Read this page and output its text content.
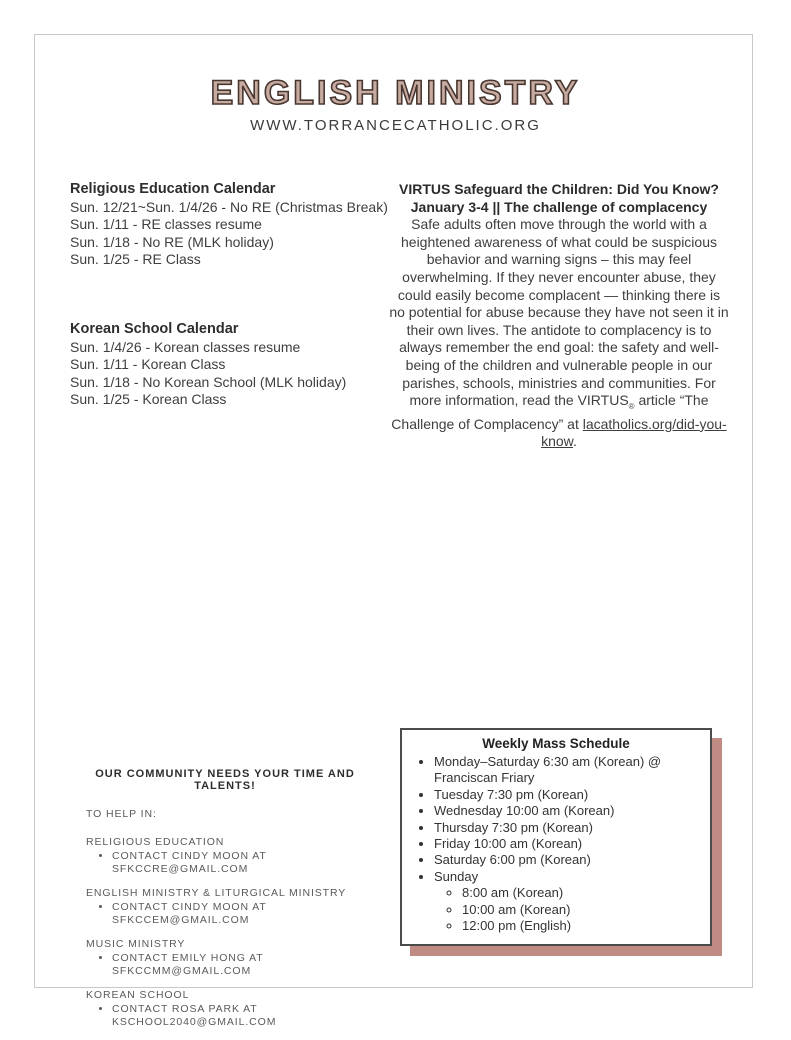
ENGLISH MINISTRY
WWW.TORRANCECATHOLIC.ORG
Religious Education Calendar
Sun. 12/21~Sun. 1/4/26 - No RE (Christmas Break)
Sun. 1/11 - RE classes resume
Sun. 1/18 - No RE (MLK holiday)
Sun. 1/25 - RE Class
Korean School Calendar
Sun. 1/4/26 - Korean classes resume
Sun. 1/11 - Korean Class
Sun. 1/18 - No Korean School (MLK holiday)
Sun. 1/25 - Korean Class
VIRTUS Safeguard the Children: Did You Know?
January 3-4 || The challenge of complacency
Safe adults often move through the world with a heightened awareness of what could be suspicious behavior and warning signs – this may feel overwhelming. If they never encounter abuse, they could easily become complacent — thinking there is no potential for abuse because they have not seen it in their own lives. The antidote to complacency is to always remember the end goal: the safety and well-being of the children and vulnerable people in our parishes, schools, ministries and communities. For more information, read the $VIRTUS_®$ article “The Challenge of Complacency” at lacatholics.org/did-you-know.
OUR COMMUNITY NEEDS YOUR TIME AND TALENTS!
TO HELP IN:
RELIGIOUS EDUCATION
• CONTACT CINDY MOON AT SFKCCRE@GMAIL.COM
ENGLISH MINISTRY & LITURGICAL MINISTRY
• CONTACT CINDY MOON AT SFKCCEM@GMAIL.COM
MUSIC MINISTRY
• CONTACT EMILY HONG AT SFKCCMM@GMAIL.COM
KOREAN SCHOOL
• CONTACT ROSA PARK AT KSCHOOL2040@GMAIL.COM
Weekly Mass Schedule
• Monday–Saturday 6:30 am (Korean) @ Franciscan Friary
• Tuesday 7:30 pm (Korean)
• Wednesday 10:00 am (Korean)
• Thursday 7:30 pm (Korean)
• Friday 10:00 am (Korean)
• Saturday 6:00 pm (Korean)
• Sunday
◦ 8:00 am (Korean)
◦ 10:00 am (Korean)
◦ 12:00 pm (English)
